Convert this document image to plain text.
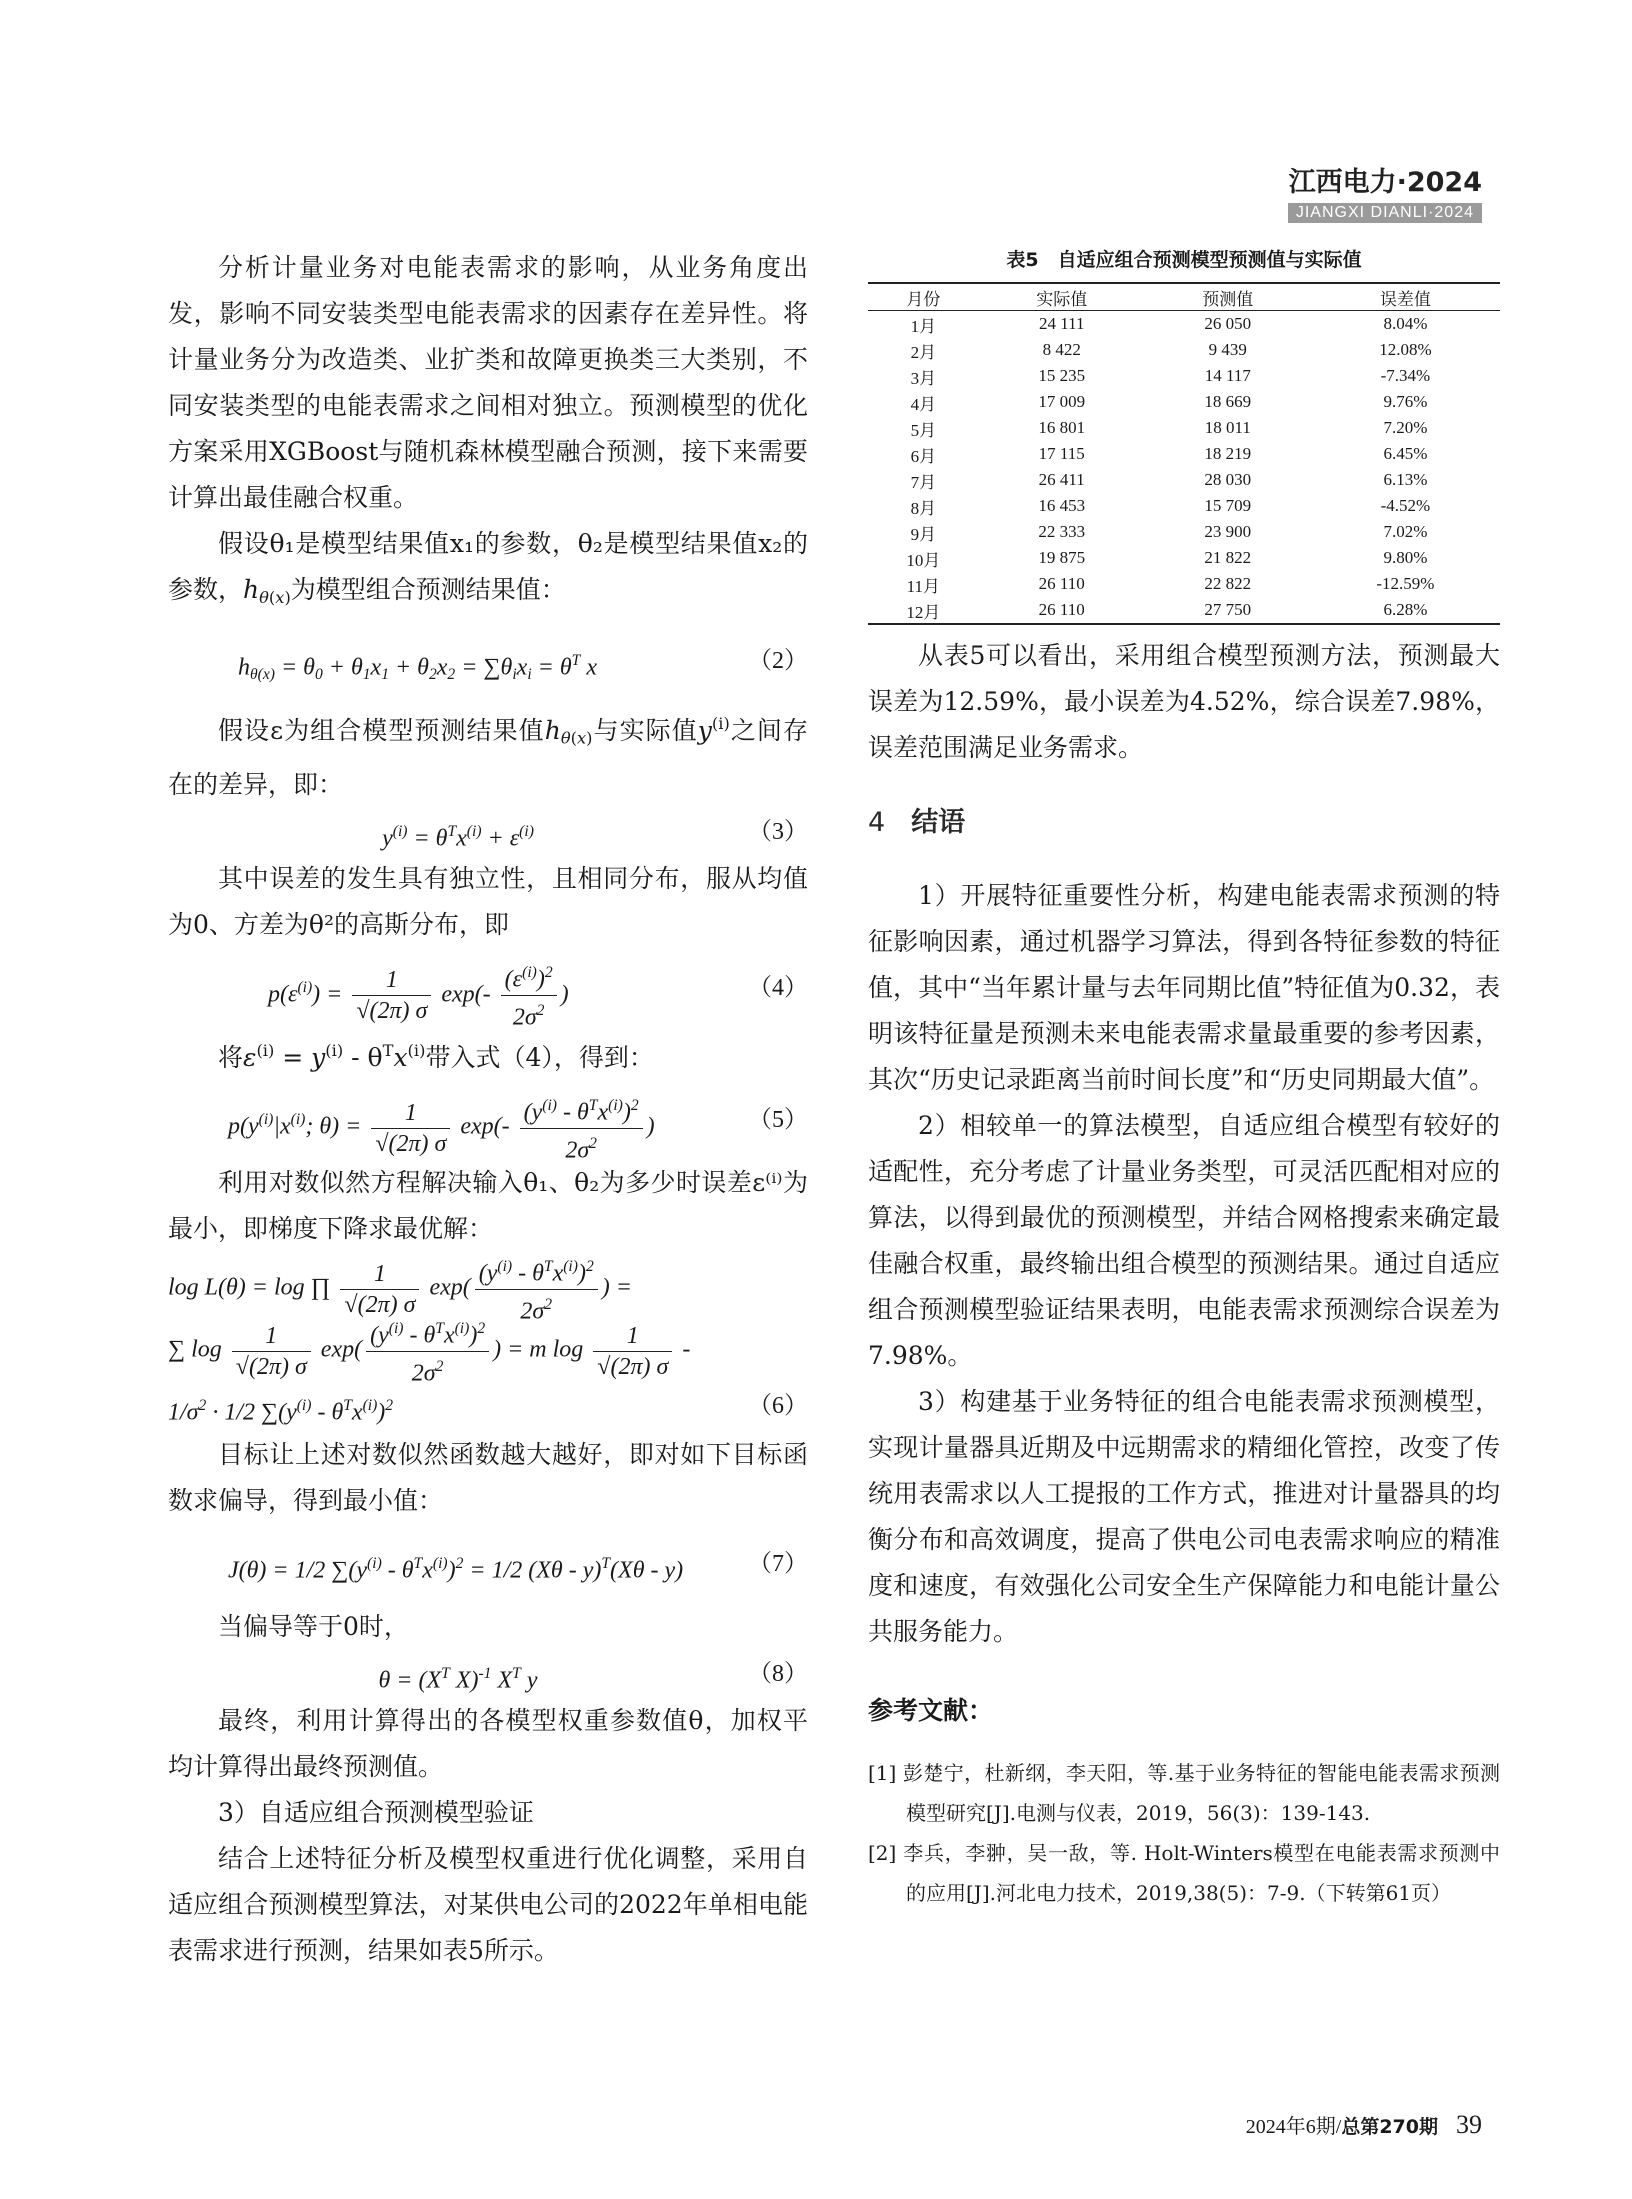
江西电力·2024
JIANGXI DIANLI·2024

分析计量业务对电能表需求的影响，从业务角度出发，影响不同安装类型电能表需求的因素存在差异性。将计量业务分为改造类、业扩类和故障更换类三大类别，不同安装类型的电能表需求之间相对独立。预测模型的优化方案采用XGBoost与随机森林模型融合预测，接下来需要计算出最佳融合权重。

假设θ₁是模型结果值x₁的参数，θ₂是模型结果值x₂的参数，$h_{\theta(x)}$为模型组合预测结果值：

$h_{\theta(x)} = \theta_0 + \theta_1x_1 + \theta_2x_2 = \sum\theta_ix_i = \theta^T$ x	（2）

假设ε为组合模型预测结果值$h_{\theta(x)}$与实际值$y^{(i)}$之间存在的差异，即：

$y^{(i)} = \theta^Tx^{(i)} + \varepsilon^{(i)}$	（3）

其中误差的发生具有独立性，且相同分布，服从均值为0、方差为θ²的高斯分布，即

$p(\varepsilon^{(i)}) = \frac{1}{√(2\pi) \sigma} \exp(- \frac{(\varepsilon^{(i)})^2}{2\sigma^2}$ )	（4）

将$\varepsilon^{(i)} = y^{(i)} - \theta^Tx^{(i)}$带入式（4），得到：

$p(y^{(i)}|x^{(i)}$; $\theta) = \frac{1}{√(2\pi) \sigma} \exp(- \frac{(y^{(i)} - \theta^Tx^{(i)})^2}{2\sigma^2}$ )	（5）

利用对数似然方程解决输入θ₁、θ₂为多少时误差ε⁽ⁱ⁾为最小，即梯度下降求最优解：

log L(θ) = log ∏ $\frac{1}{√(2\pi) \sigma} \exp( \frac{(y^{(i)} - \theta^Tx^{(i)})^2}{2\sigma^2}$ ) =
∑ $\log \frac{1}{√(2\pi) \sigma} \exp( \frac{(y^{(i)} - \theta^Tx^{(i)})^2}{2\sigma^2}$ ) = m $\log \frac{1}{√(2\pi) \sigma}$ -
$1/\sigma^2 \cdot 1/2$ $\sum(y^{(i)} - \theta^Tx^{(i)})^2$	（6）

目标让上述对数似然函数越大越好，即对如下目标函数求偏导，得到最小值：

J(θ) = 1/2 $\sum(y^{(i)} - \theta^Tx^{(i)})^2 = 1/2$ (Xθ - y)$^T$(Xθ - y)	（7）

当偏导等于0时，

$\theta = (X^T$ X)$^{-1}$ $X^T$ y	（8）

最终，利用计算得出的各模型权重参数值θ，加权平均计算得出最终预测值。

3）自适应组合预测模型验证

结合上述特征分析及模型权重进行优化调整，采用自适应组合预测模型算法，对某供电公司的2022年单相电能表需求进行预测，结果如表5所示。

表5　自适应组合预测模型预测值与实际值
月份	实际值	预测值	误差值
1月	24 111	26 050	8.04%
2月	8 422	9 439	12.08%
3月	15 235	14 117	-7.34%
4月	17 009	18 669	9.76%
5月	16 801	18 011	7.20%
6月	17 115	18 219	6.45%
7月	26 411	28 030	6.13%
8月	16 453	15 709	-4.52%
9月	22 333	23 900	7.02%
10月	19 875	21 822	9.80%
11月	26 110	22 822	-12.59%
12月	26 110	27 750	6.28%

从表5可以看出，采用组合模型预测方法，预测最大误差为12.59%，最小误差为4.52%，综合误差7.98%，误差范围满足业务需求。

4 结语

1）开展特征重要性分析，构建电能表需求预测的特征影响因素，通过机器学习算法，得到各特征参数的特征值，其中“当年累计量与去年同期比值”特征值为0.32，表明该特征量是预测未来电能表需求量最重要的参考因素，其次“历史记录距离当前时间长度”和“历史同期最大值”。

2）相较单一的算法模型，自适应组合模型有较好的适配性，充分考虑了计量业务类型，可灵活匹配相对应的算法，以得到最优的预测模型，并结合网格搜索来确定最佳融合权重，最终输出组合模型的预测结果。通过自适应组合预测模型验证结果表明，电能表需求预测综合误差为7.98%。

3）构建基于业务特征的组合电能表需求预测模型，实现计量器具近期及中远期需求的精细化管控，改变了传统用表需求以人工提报的工作方式，推进对计量器具的均衡分布和高效调度，提高了供电公司电表需求响应的精准度和速度，有效强化公司安全生产保障能力和电能计量公共服务能力。

参考文献：

[1] 彭楚宁，杜新纲，李天阳，等.基于业务特征的智能电能表需求预测模型研究[J].电测与仪表，2019，56(3)：139-143.

[2] 李兵，李翀，吴一敌，等. Holt-Winters模型在电能表需求预测中的应用[J].河北电力技术，2019,38(5)：7-9.（下转第61页）

2024年6期/总第270期 39
